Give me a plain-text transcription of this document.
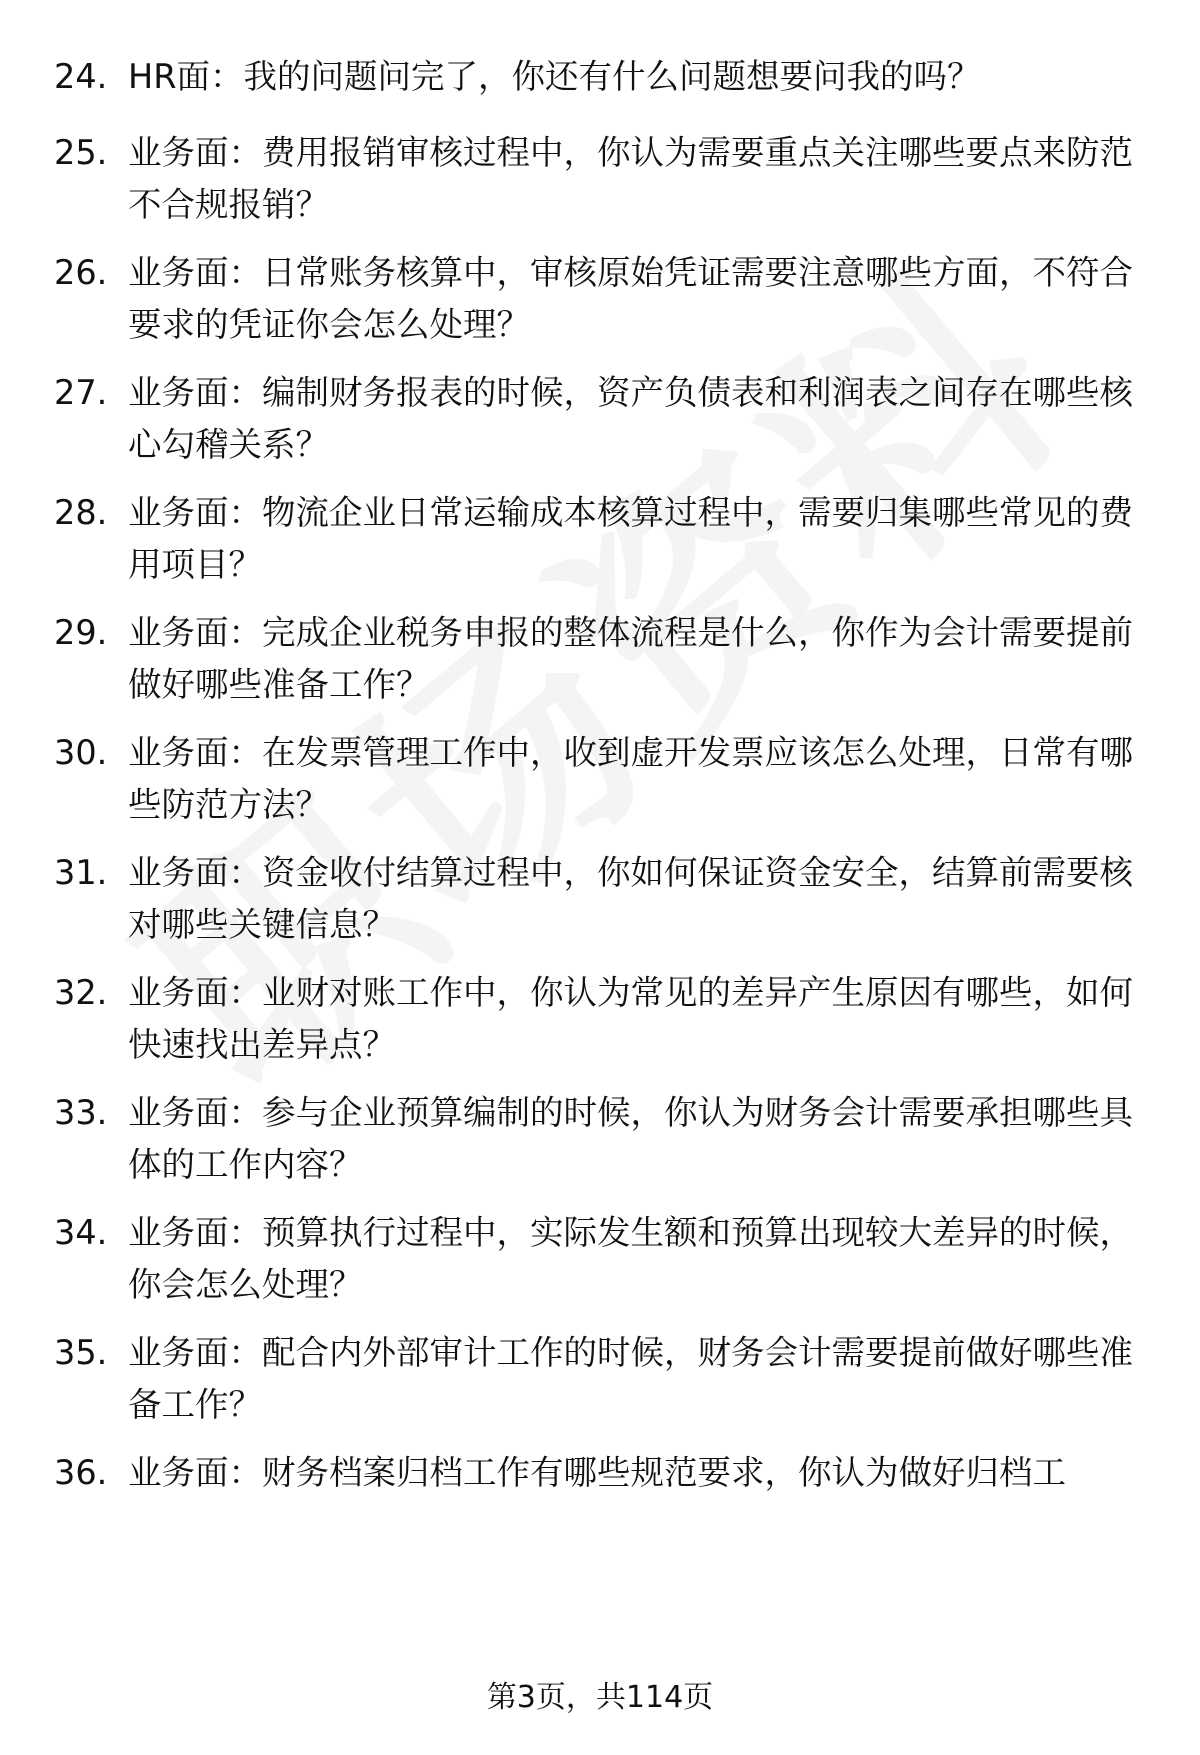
24. HR面：我的问题问完了，你还有什么问题想要问我的吗？
25. 业务面：费用报销审核过程中，你认为需要重点关注哪些要点来防范不合规报销？
26. 业务面：日常账务核算中，审核原始凭证需要注意哪些方面，不符合要求的凭证你会怎么处理？
27. 业务面：编制财务报表的时候，资产负债表和利润表之间存在哪些核心勾稽关系？
28. 业务面：物流企业日常运输成本核算过程中，需要归集哪些常见的费用项目？
29. 业务面：完成企业税务申报的整体流程是什么，你作为会计需要提前做好哪些准备工作？
30. 业务面：在发票管理工作中，收到虚开发票应该怎么处理，日常有哪些防范方法？
31. 业务面：资金收付结算过程中，你如何保证资金安全，结算前需要核对哪些关键信息？
32. 业务面：业财对账工作中，你认为常见的差异产生原因有哪些，如何快速找出差异点？
33. 业务面：参与企业预算编制的时候，你认为财务会计需要承担哪些具体的工作内容？
34. 业务面：预算执行过程中，实际发生额和预算出现较大差异的时候，你会怎么处理？
35. 业务面：配合内外部审计工作的时候，财务会计需要提前做好哪些准备工作？
36. 业务面：财务档案归档工作有哪些规范要求，你认为做好归档工
第3页，共114页
